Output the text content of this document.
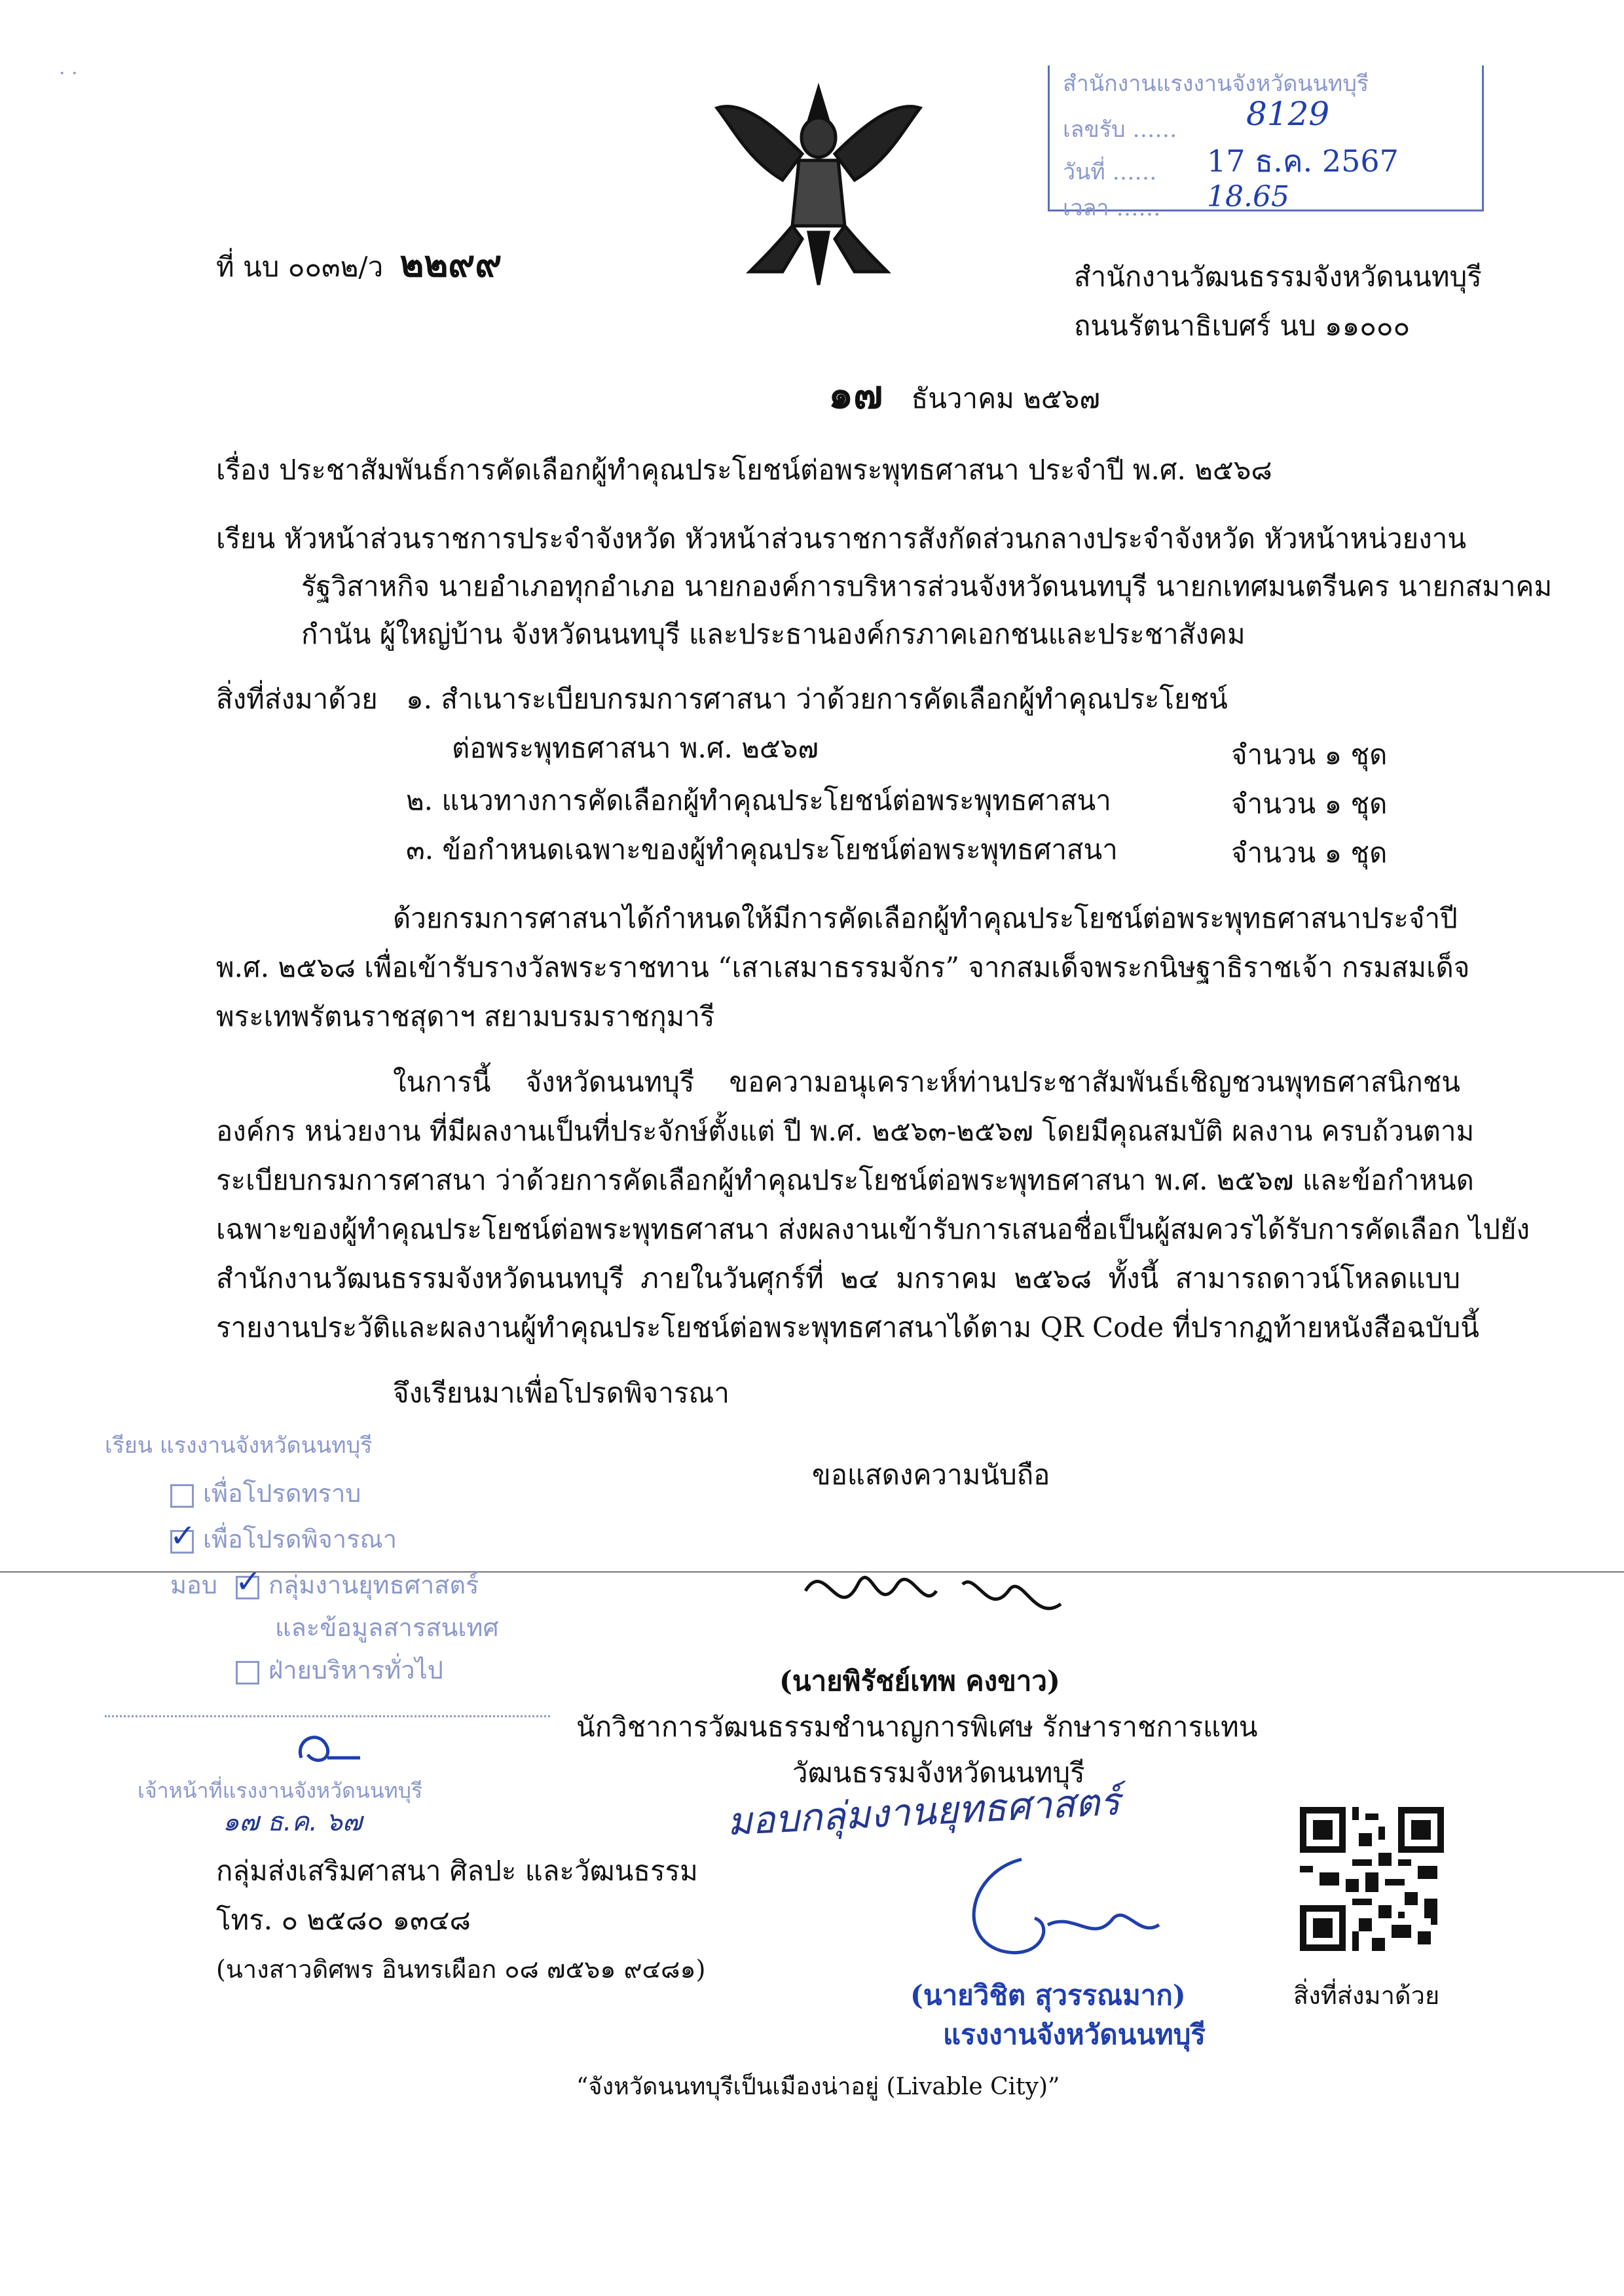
· ·
ที่ นบ ๐๐๓๒/ว ๒๒๙๙
สำนักงานแรงงานจังหวัดนนทบุรี
เลขรับ …… 8129
วันที่ …… 17 ธ.ค. 2567
เวลา …… 18.65
สำนักงานวัฒนธรรมจังหวัดนนทบุรี
ถนนรัตนาธิเบศร์ นบ ๑๑๐๐๐
๑๗ ธันวาคม ๒๕๖๗
เรื่อง ประชาสัมพันธ์การคัดเลือกผู้ทำคุณประโยชน์ต่อพระพุทธศาสนา ประจำปี พ.ศ. ๒๕๖๘
เรียน หัวหน้าส่วนราชการประจำจังหวัด หัวหน้าส่วนราชการสังกัดส่วนกลางประจำจังหวัด หัวหน้าหน่วยงาน
รัฐวิสาหกิจ นายอำเภอทุกอำเภอ นายกองค์การบริหารส่วนจังหวัดนนทบุรี นายกเทศมนตรีนคร นายกสมาคม
กำนัน ผู้ใหญ่บ้าน จังหวัดนนทบุรี และประธานองค์กรภาคเอกชนและประชาสังคม
สิ่งที่ส่งมาด้วย ๑. สำเนาระเบียบกรมการศาสนา ว่าด้วยการคัดเลือกผู้ทำคุณประโยชน์
ต่อพระพุทธศาสนา พ.ศ. ๒๕๖๗	จำนวน ๑ ชุด
๒. แนวทางการคัดเลือกผู้ทำคุณประโยชน์ต่อพระพุทธศาสนา	จำนวน ๑ ชุด
๓. ข้อกำหนดเฉพาะของผู้ทำคุณประโยชน์ต่อพระพุทธศาสนา	จำนวน ๑ ชุด
ด้วยกรมการศาสนาได้กำหนดให้มีการคัดเลือกผู้ทำคุณประโยชน์ต่อพระพุทธศาสนาประจำปี
พ.ศ. ๒๕๖๘ เพื่อเข้ารับรางวัลพระราชทาน “เสาเสมาธรรมจักร” จากสมเด็จพระกนิษฐาธิราชเจ้า กรมสมเด็จ
พระเทพรัตนราชสุดาฯ สยามบรมราชกุมารี
ในการนี้ จังหวัดนนทบุรี ขอความอนุเคราะห์ท่านประชาสัมพันธ์เชิญชวนพุทธศาสนิกชน
องค์กร หน่วยงาน ที่มีผลงานเป็นที่ประจักษ์ตั้งแต่ ปี พ.ศ. ๒๕๖๓-๒๕๖๗ โดยมีคุณสมบัติ ผลงาน ครบถ้วนตาม
ระเบียบกรมการศาสนา ว่าด้วยการคัดเลือกผู้ทำคุณประโยชน์ต่อพระพุทธศาสนา พ.ศ. ๒๕๖๗ และข้อกำหนด
เฉพาะของผู้ทำคุณประโยชน์ต่อพระพุทธศาสนา ส่งผลงานเข้ารับการเสนอชื่อเป็นผู้สมควรได้รับการคัดเลือก ไปยัง
สำนักงานวัฒนธรรมจังหวัดนนทบุรี ภายในวันศุกร์ที่ ๒๔ มกราคม ๒๕๖๘ ทั้งนี้ สามารถดาวน์โหลดแบบ
รายงานประวัติและผลงานผู้ทำคุณประโยชน์ต่อพระพุทธศาสนาได้ตาม QR Code ที่ปรากฏท้ายหนังสือฉบับนี้
จึงเรียนมาเพื่อโปรดพิจารณา
ขอแสดงความนับถือ
(นายพิรัชย์เทพ คงขาว)
นักวิชาการวัฒนธรรมชำนาญการพิเศษ รักษาราชการแทน
วัฒนธรรมจังหวัดนนทบุรี
เรียน แรงงานจังหวัดนนทบุรี
เพื่อโปรดทราบ
✓ เพื่อโปรดพิจารณา
มอบ ✓ กลุ่มงานยุทธศาสตร์
และข้อมูลสารสนเทศ
ฝ่ายบริหารทั่วไป
เจ้าหน้าที่แรงงานจังหวัดนนทบุรี
๑๗ ธ.ค. ๖๗
กลุ่มส่งเสริมศาสนา ศิลปะ และวัฒนธรรม
โทร. ๐ ๒๕๘๐ ๑๓๔๘
(นางสาวดิศพร อินทรเผือก ๐๘ ๗๕๖๑ ๙๔๘๑)
มอบกลุ่มงานยุทธศาสตร์
(นายวิชิต สุวรรณมาก)
แรงงานจังหวัดนนทบุรี
สิ่งที่ส่งมาด้วย
“จังหวัดนนทบุรีเป็นเมืองน่าอยู่ (Livable City)”
